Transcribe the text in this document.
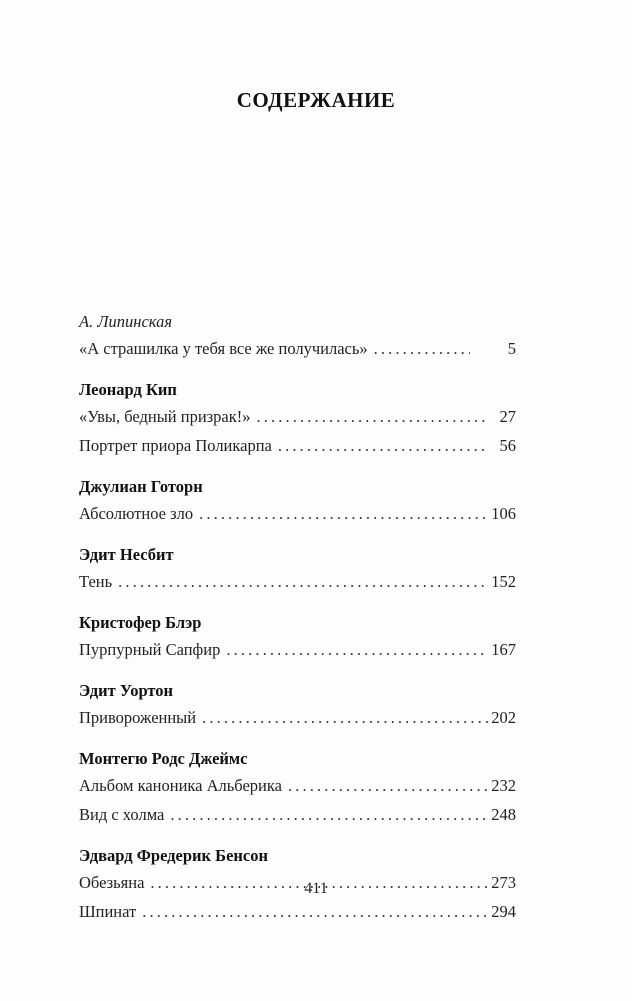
СОДЕРЖАНИЕ
А. Липинская
«А страшилка у тебя все же получилась» . . .	5
Леонард Кип
«Увы, бедный призрак!» . . .	27
Портрет приора Поликарпа . . .	56
Джулиан Готорн
Абсолютное зло . . .	106
Эдит Несбит
Тень . . .	152
Кристофер Блэр
Пурпурный Сапфир . . .	167
Эдит Уортон
Привороженный . . .	202
Монтегю Родс Джеймс
Альбом каноника Альберика . . .	232
Вид с холма . . .	248
Эдвард Фредерик Бенсон
Обезьяна . . .	273
Шпинат . . .	294
411
